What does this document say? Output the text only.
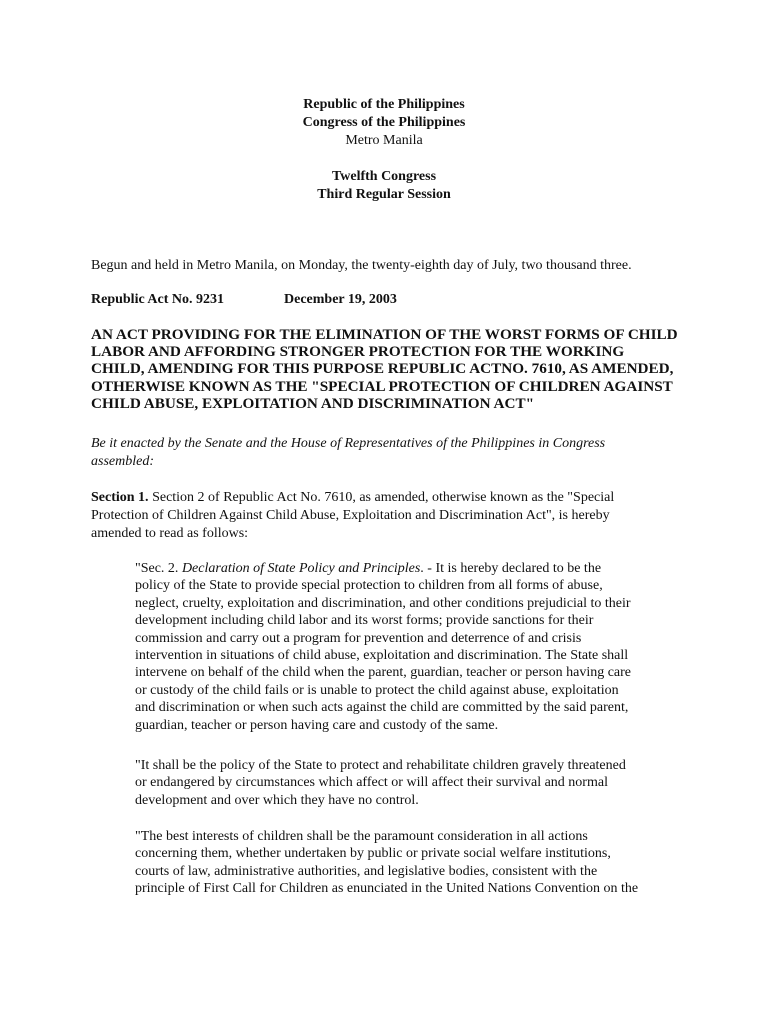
Republic of the Philippines
Congress of the Philippines
Metro Manila
Twelfth Congress
Third Regular Session
Begun and held in Metro Manila, on Monday, the twenty-eighth day of July, two thousand three.
Republic Act No. 9231	December 19, 2003
AN ACT PROVIDING FOR THE ELIMINATION OF THE WORST FORMS OF CHILD
LABOR AND AFFORDING STRONGER PROTECTION FOR THE WORKING
CHILD, AMENDING FOR THIS PURPOSE REPUBLIC ACTNO. 7610, AS AMENDED,
OTHERWISE KNOWN AS THE "SPECIAL PROTECTION OF CHILDREN AGAINST
CHILD ABUSE, EXPLOITATION AND DISCRIMINATION ACT"
Be it enacted by the Senate and the House of Representatives of the Philippines in Congress
assembled:
Section 1. Section 2 of Republic Act No. 7610, as amended, otherwise known as the "Special
Protection of Children Against Child Abuse, Exploitation and Discrimination Act", is hereby
amended to read as follows:
"Sec. 2. Declaration of State Policy and Principles. - It is hereby declared to be the
policy of the State to provide special protection to children from all forms of abuse,
neglect, cruelty, exploitation and discrimination, and other conditions prejudicial to their
development including child labor and its worst forms; provide sanctions for their
commission and carry out a program for prevention and deterrence of and crisis
intervention in situations of child abuse, exploitation and discrimination. The State shall
intervene on behalf of the child when the parent, guardian, teacher or person having care
or custody of the child fails or is unable to protect the child against abuse, exploitation
and discrimination or when such acts against the child are committed by the said parent,
guardian, teacher or person having care and custody of the same.
"It shall be the policy of the State to protect and rehabilitate children gravely threatened
or endangered by circumstances which affect or will affect their survival and normal
development and over which they have no control.
"The best interests of children shall be the paramount consideration in all actions
concerning them, whether undertaken by public or private social welfare institutions,
courts of law, administrative authorities, and legislative bodies, consistent with the
principle of First Call for Children as enunciated in the United Nations Convention on the
